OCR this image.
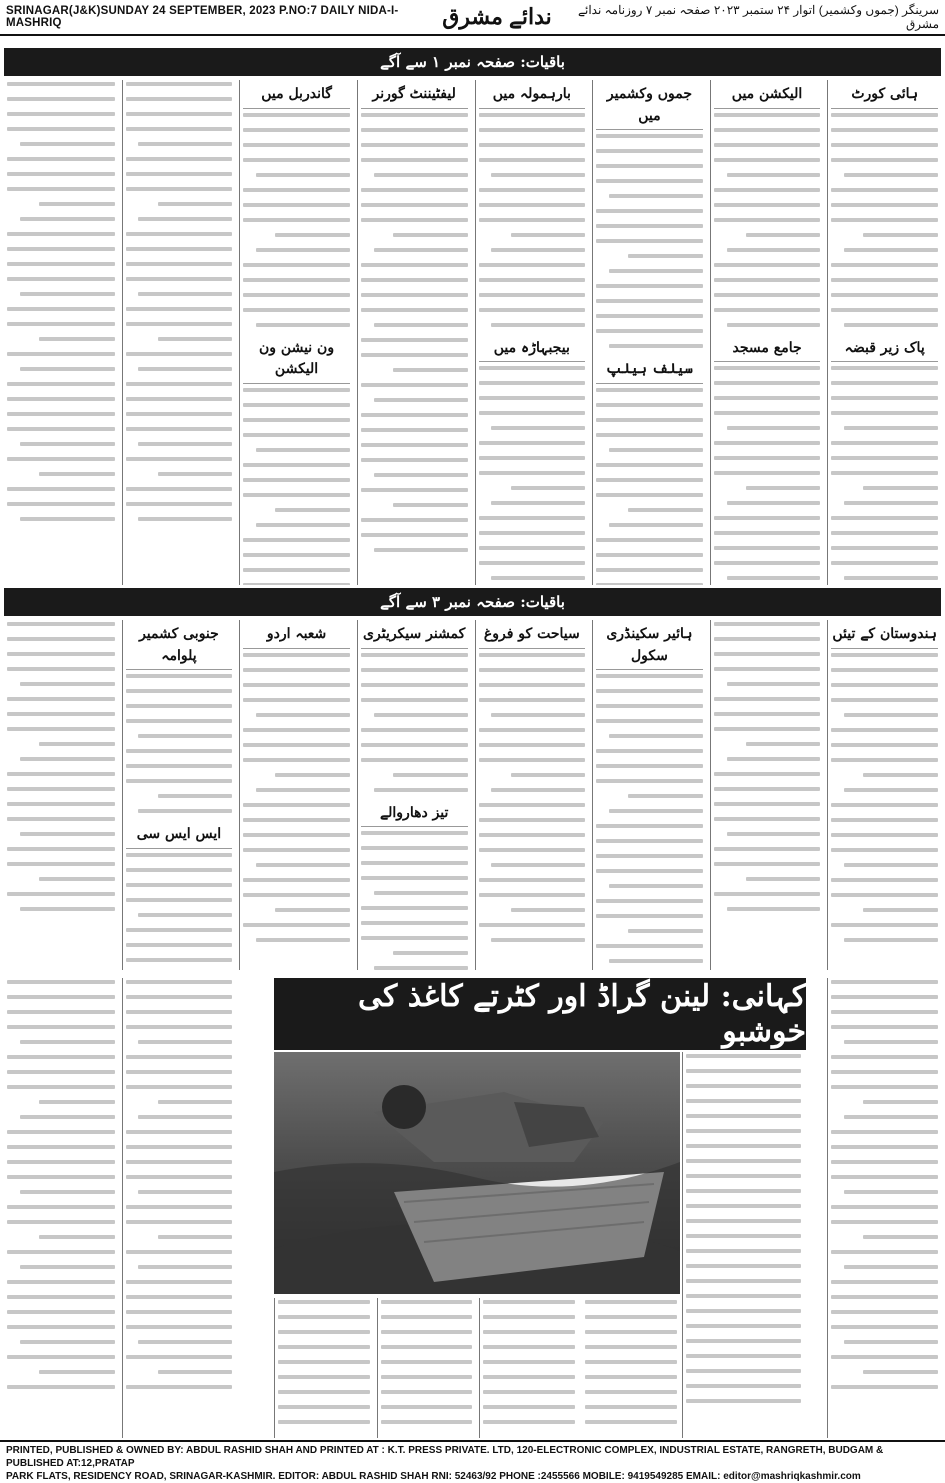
SRINAGAR(J&K)SUNDAY 24 SEPTEMBER, 2023 P.NO:7 DAILY NIDA-I-MASHRIQ	ندائے مشرق	سرینگر (جموں وکشمیر) اتوار ۲۴ ستمبر ۲۰۲۳ صفحہ نمبر ۷ روزنامہ ندائے مشرق
باقیات: صفحہ نمبر ۱ سے آگے
گاندربل میں
ون نیشن ون الیکشن
لیفٹیننٹ گورنر	بارہمولہ میں
بیجبہاڑہ میں
جموں وکشمیر میں
سیلف ہیلپ
الیکشن میں
جامع مسجد
ہائی کورٹ
پاک زیر قبضہ
باقیات: صفحہ نمبر ۳ سے آگے
جنوبی کشمیر پلوامہ
ایس ایس سی
شعبہ اردو	کمشنر سیکریٹری
تیز دھاروالے
سیاحت کو فروغ	ہائیر سکینڈری سکول
ہندوستان کے تیئں
کہانی: لینن گراڈ اور کٹرتے کاغذ کی خوشبو
PRINTED, PUBLISHED & OWNED BY: ABDUL RASHID SHAH AND PRINTED AT : K.T. PRESS PRIVATE. LTD, 120-ELECTRONIC COMPLEX, INDUSTRIAL ESTATE, RANGRETH, BUDGAM & PUBLISHED AT:12,PRATAP
PARK FLATS, RESIDENCY ROAD, SRINAGAR-KASHMIR. EDITOR: ABDUL RASHID SHAH RNI: 52463/92 PHONE :2455566 MOBILE: 9419549285 EMAIL: editor@mashriqkashmir.com
